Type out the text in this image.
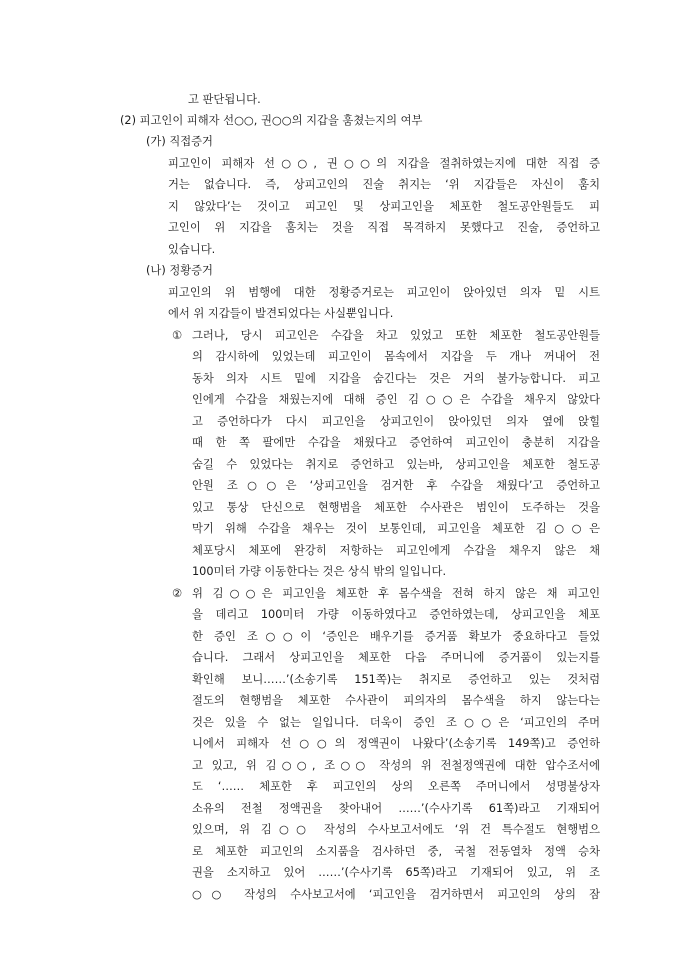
고 판단됩니다.

(2) 피고인이 피해자 선○○, 권○○의 지갑을 훔쳤는지의 여부

(가) 직접증거

피고인이 피해자 선○○, 권○○의 지갑을 절취하였는지에 대한 직접 증

거는 없습니다. 즉, 상피고인의 진술 취지는 ‘위 지갑들은 자신이 훔치

지 않았다’는 것이고 피고인 및 상피고인을 체포한 철도공안원들도 피

고인이 위 지갑을 훔치는 것을 직접 목격하지 못했다고 진술, 증언하고

있습니다.

(나) 정황증거

피고인의 위 범행에 대한 정황증거로는 피고인이 앉아있던 의자 밑 시트

에서 위 지갑들이 발견되었다는 사실뿐입니다.

① 그러나, 당시 피고인은 수갑을 차고 있었고 또한 체포한 철도공안원들

의 감시하에 있었는데 피고인이 몸속에서 지갑을 두 개나 꺼내어 전

동차 의자 시트 밑에 지갑을 숨긴다는 것은 거의 불가능합니다. 피고

인에게 수갑을 채웠는지에 대해 증인 김○○은 수갑을 채우지 않았다

고 증언하다가 다시 피고인을 상피고인이 앉아있던 의자 옆에 앉힐

때 한 쪽 팔에만 수갑을 채웠다고 증언하여 피고인이 충분히 지갑을

숨길 수 있었다는 취지로 증언하고 있는바, 상피고인을 체포한 철도공

안원 조○○은 ‘상피고인을 검거한 후 수갑을 채웠다’고 증언하고

있고 통상 단신으로 현행범을 체포한 수사관은 범인이 도주하는 것을

막기 위해 수갑을 채우는 것이 보통인데, 피고인을 체포한 김○○은

체포당시 체포에 완강히 저항하는 피고인에게 수갑을 채우지 않은 채

100미터 가량 이동한다는 것은 상식 밖의 일입니다.

② 위 김○○은 피고인을 체포한 후 몸수색을 전혀 하지 않은 채 피고인

을 데리고 100미터 가량 이동하였다고 증언하였는데, 상피고인을 체포

한 증인 조○○이 ‘증인은 배우기를 증거품 확보가 중요하다고 들었

습니다. 그래서 상피고인을 체포한 다음 주머니에 증거품이 있는지를

확인해 보니……’(소송기록 151쪽)는 취지로 증언하고 있는 것처럼

절도의 현행범을 체포한 수사관이 피의자의 몸수색을 하지 않는다는

것은 있을 수 없는 일입니다. 더욱이 증인 조○○은 ‘피고인의 주머

니에서 피해자 선○○의 정액권이 나왔다’(소송기록 149쪽)고 증언하

고 있고, 위 김○○, 조○○ 작성의 위 전철정액권에 대한 압수조서에

도 ‘…… 체포한 후 피고인의 상의 오른쪽 주머니에서 성명불상자

소유의 전철 정액권을 찾아내어 ……’(수사기록 61쪽)라고 기재되어

있으며, 위 김○○ 작성의 수사보고서에도 ‘위 건 특수절도 현행범으

로 체포한 피고인의 소지품을 검사하던 중, 국철 전동열차 정액 승차

권을 소지하고 있어 ……’(수사기록 65쪽)라고 기재되어 있고, 위 조

○○ 작성의 수사보고서에 ‘피고인을 검거하면서 피고인의 상의 잠
